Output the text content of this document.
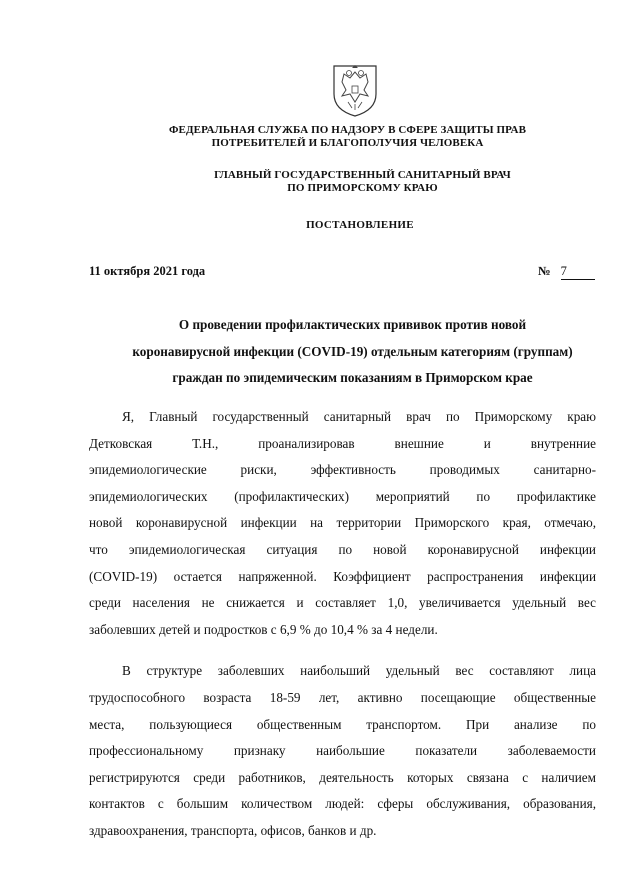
ФЕДЕРАЛЬНАЯ СЛУЖБА ПО НАДЗОРУ В СФЕРЕ ЗАЩИТЫ ПРАВ
ПОТРЕБИТЕЛЕЙ И БЛАГОПОЛУЧИЯ ЧЕЛОВЕКА
ГЛАВНЫЙ ГОСУДАРСТВЕННЫЙ САНИТАРНЫЙ ВРАЧ
ПО ПРИМОРСКОМУ КРАЮ
ПОСТАНОВЛЕНИЕ
11 октября 2021 года	№ 7
О проведении профилактических прививок против новой
коронавирусной инфекции (COVID-19) отдельным категориям (группам)
граждан по эпидемическим показаниям в Приморском крае
Я, Главный государственный санитарный врач по Приморскому краю
Детковская Т.Н., проанализировав внешние и внутренние
эпидемиологические риски, эффективность проводимых санитарно-
эпидемиологических (профилактических) мероприятий по профилактике
новой коронавирусной инфекции на территории Приморского края, отмечаю,
что эпидемиологическая ситуация по новой коронавирусной инфекции
(COVID-19) остается напряженной. Коэффициент распространения инфекции
среди населения не снижается и составляет 1,0, увеличивается удельный вес
заболевших детей и подростков с 6,9 % до 10,4 % за 4 недели.
В структуре заболевших наибольший удельный вес составляют лица
трудоспособного возраста 18-59 лет, активно посещающие общественные
места, пользующиеся общественным транспортом. При анализе по
профессиональному признаку наибольшие показатели заболеваемости
регистрируются среди работников, деятельность которых связана с наличием
контактов с большим количеством людей: сферы обслуживания, образования,
здравоохранения, транспорта, офисов, банков и др.
